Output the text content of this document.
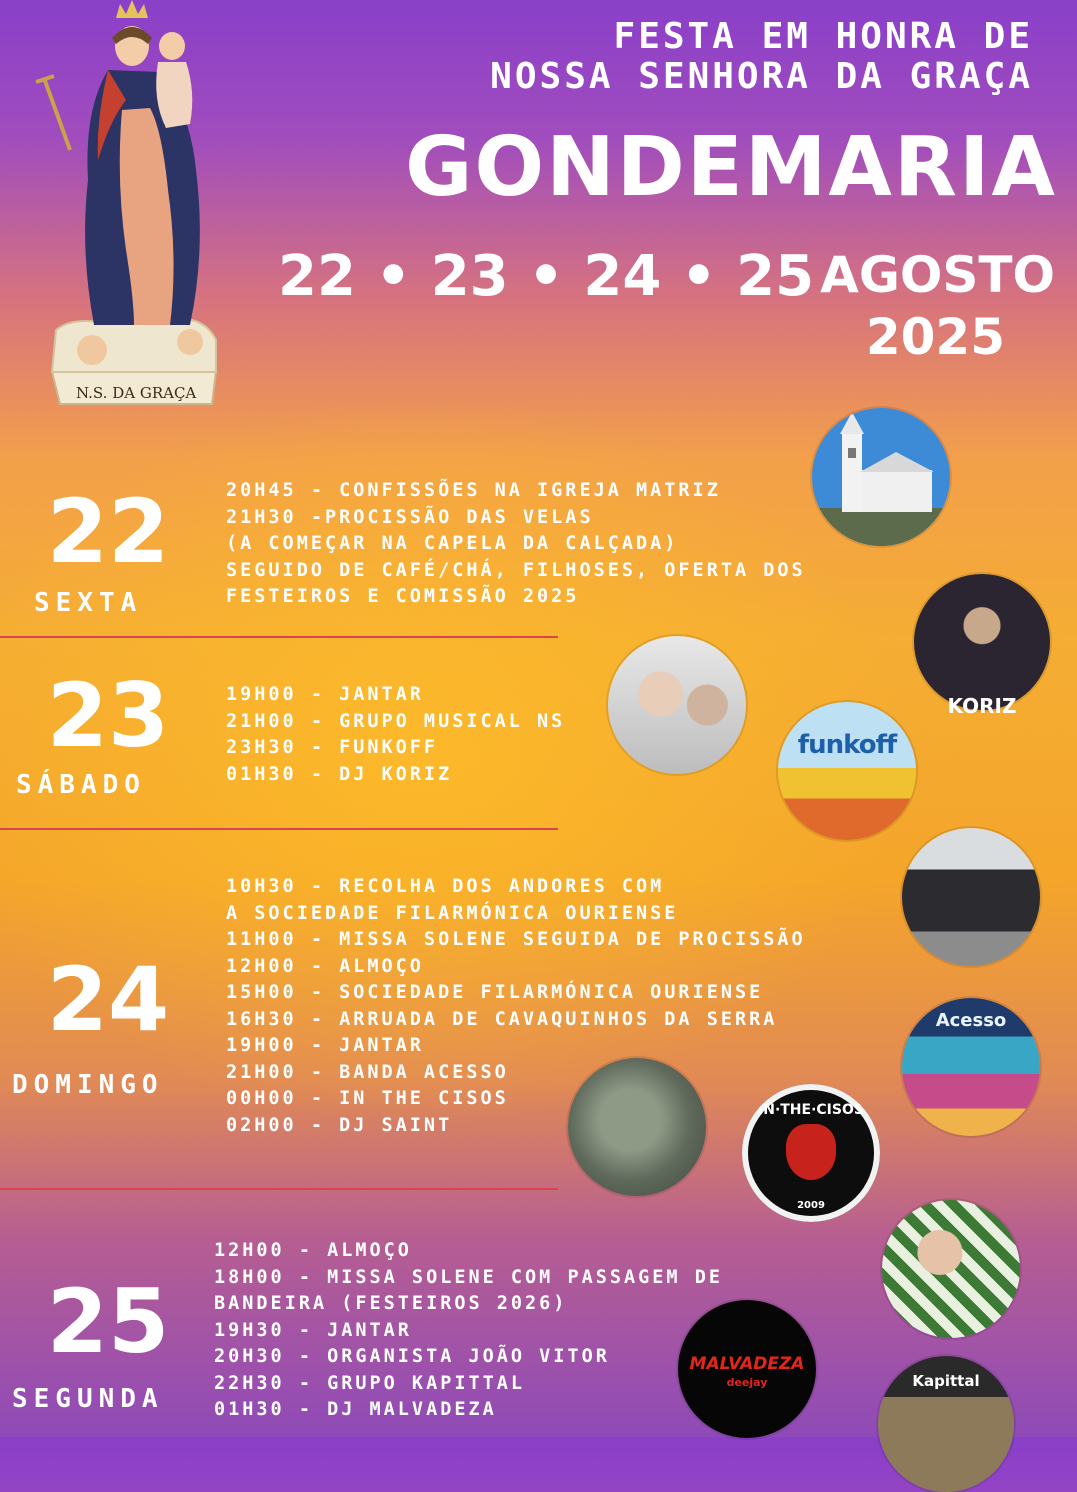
FESTA EM HONRA DE
NOSSA SENHORA DA GRAÇA
GONDEMARIA
22 • 23 • 24 • 25 AGOSTO
2025
N.S. DA GRAÇA
22
SEXTA
20H45 - CONFISSÕES NA IGREJA MATRIZ
21H30 -PROCISSÃO DAS VELAS
(A COMEÇAR NA CAPELA DA CALÇADA)
SEGUIDO DE CAFÉ/CHÁ, FILHOSES, OFERTA DOS
FESTEIROS E COMISSÃO 2025
23
SÁBADO
19H00 - JANTAR
21H00 - GRUPO MUSICAL NS
23H30 - FUNKOFF
01H30 - DJ KORIZ
24
DOMINGO
10H30 - RECOLHA DOS ANDORES COM
A SOCIEDADE FILARMÓNICA OURIENSE
11H00 - MISSA SOLENE SEGUIDA DE PROCISSÃO
12H00 - ALMOÇO
15H00 - SOCIEDADE FILARMÓNICA OURIENSE
16H30 - ARRUADA DE CAVAQUINHOS DA SERRA
19H00 - JANTAR
21H00 - BANDA ACESSO
00H00 - IN THE CISOS
02H00 - DJ SAINT
25
SEGUNDA
12H00 - ALMOÇO
18H00 - MISSA SOLENE COM PASSAGEM DE
BANDEIRA (FESTEIROS 2026)
19H30 - JANTAR
20H30 - ORGANISTA JOÃO VITOR
22H30 - GRUPO KAPITTAL
01H30 - DJ MALVADEZA
KORIZ
funkoff
Acesso
IN·THE·CISOS
2009
MALVADEZA
deejay	Kapittal
